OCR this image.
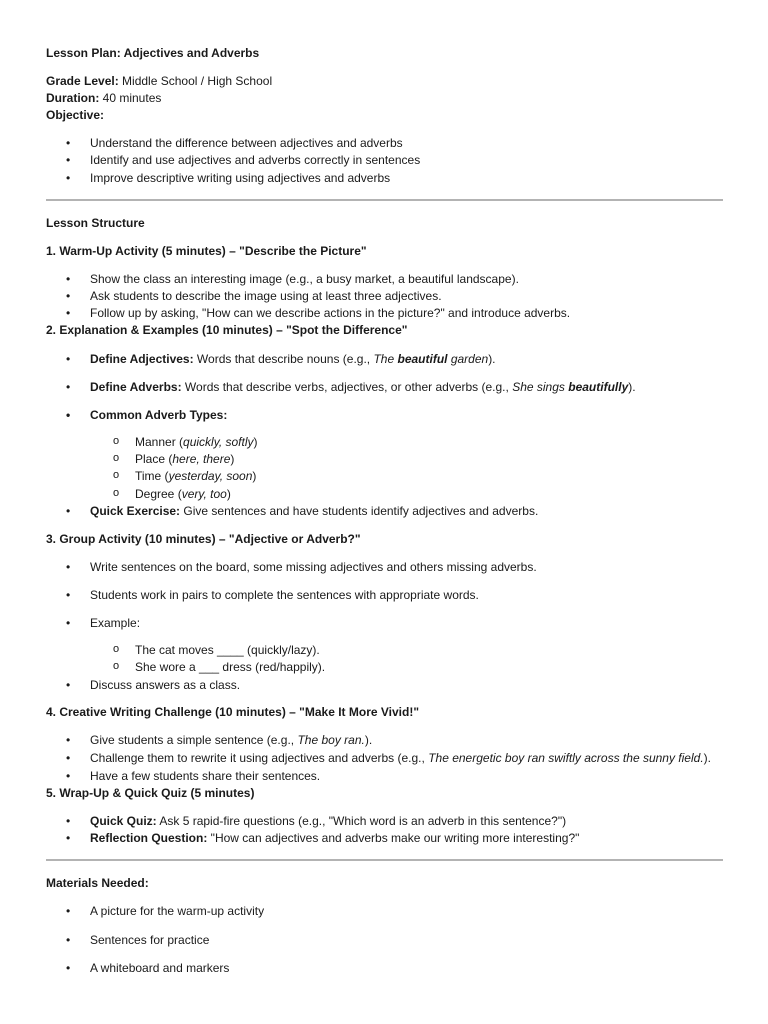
Lesson Plan: Adjectives and Adverbs
Grade Level: Middle School / High School
Duration: 40 minutes
Objective:
• Understand the difference between adjectives and adverbs
• Identify and use adjectives and adverbs correctly in sentences
• Improve descriptive writing using adjectives and adverbs
Lesson Structure
1. Warm-Up Activity (5 minutes) – "Describe the Picture"
• Show the class an interesting image (e.g., a busy market, a beautiful landscape).
• Ask students to describe the image using at least three adjectives.
• Follow up by asking, "How can we describe actions in the picture?" and introduce adverbs.
2. Explanation & Examples (10 minutes) – "Spot the Difference"
• Define Adjectives: Words that describe nouns (e.g., The beautiful garden).
• Define Adverbs: Words that describe verbs, adjectives, or other adverbs (e.g., She sings beautifully).
• Common Adverb Types:
o Manner (quickly, softly)
o Place (here, there)
o Time (yesterday, soon)
o Degree (very, too)
• Quick Exercise: Give sentences and have students identify adjectives and adverbs.
3. Group Activity (10 minutes) – "Adjective or Adverb?"
• Write sentences on the board, some missing adjectives and others missing adverbs.
• Students work in pairs to complete the sentences with appropriate words.
• Example:
o The cat moves ____ (quickly/lazy).
o She wore a ___ dress (red/happily).
• Discuss answers as a class.
4. Creative Writing Challenge (10 minutes) – "Make It More Vivid!"
• Give students a simple sentence (e.g., The boy ran.).
• Challenge them to rewrite it using adjectives and adverbs (e.g., The energetic boy ran swiftly across the sunny field.).
• Have a few students share their sentences.
5. Wrap-Up & Quick Quiz (5 minutes)
• Quick Quiz: Ask 5 rapid-fire questions (e.g., "Which word is an adverb in this sentence?")
• Reflection Question: "How can adjectives and adverbs make our writing more interesting?"
Materials Needed:
• A picture for the warm-up activity
• Sentences for practice
• A whiteboard and markers
